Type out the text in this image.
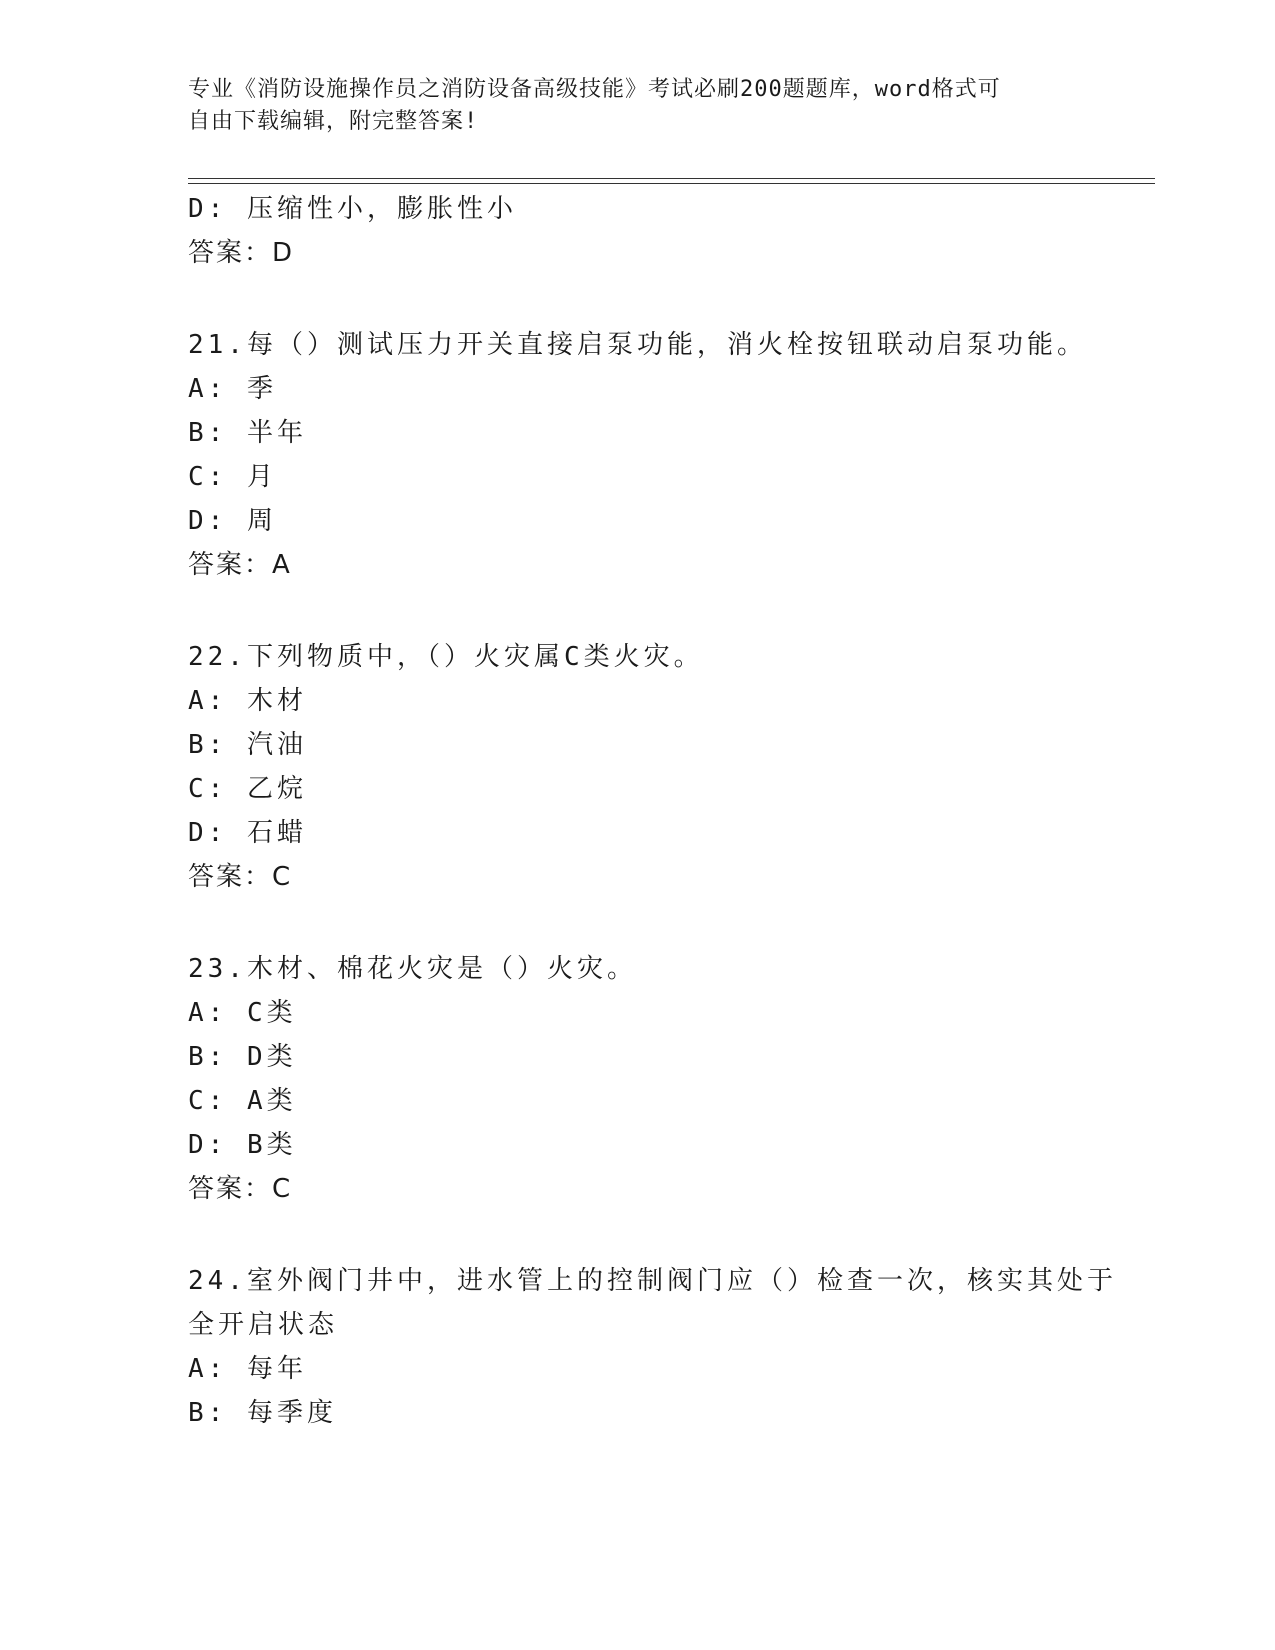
专业《消防设施操作员之消防设备高级技能》考试必刷200题题库，word格式可
自由下载编辑，附完整答案!
D: 压缩性小，膨胀性小
答案：D
21.每（）测试压力开关直接启泵功能，消火栓按钮联动启泵功能。
A: 季
B: 半年
C: 月
D: 周
答案：A
22.下列物质中，（）火灾属C类火灾。
A: 木材
B: 汽油
C: 乙烷
D: 石蜡
答案：C
23.木材、棉花火灾是（）火灾。
A: C类
B: D类
C: A类
D: B类
答案：C
24.室外阀门井中，进水管上的控制阀门应（）检查一次，核实其处于
全开启状态
A: 每年
B: 每季度
